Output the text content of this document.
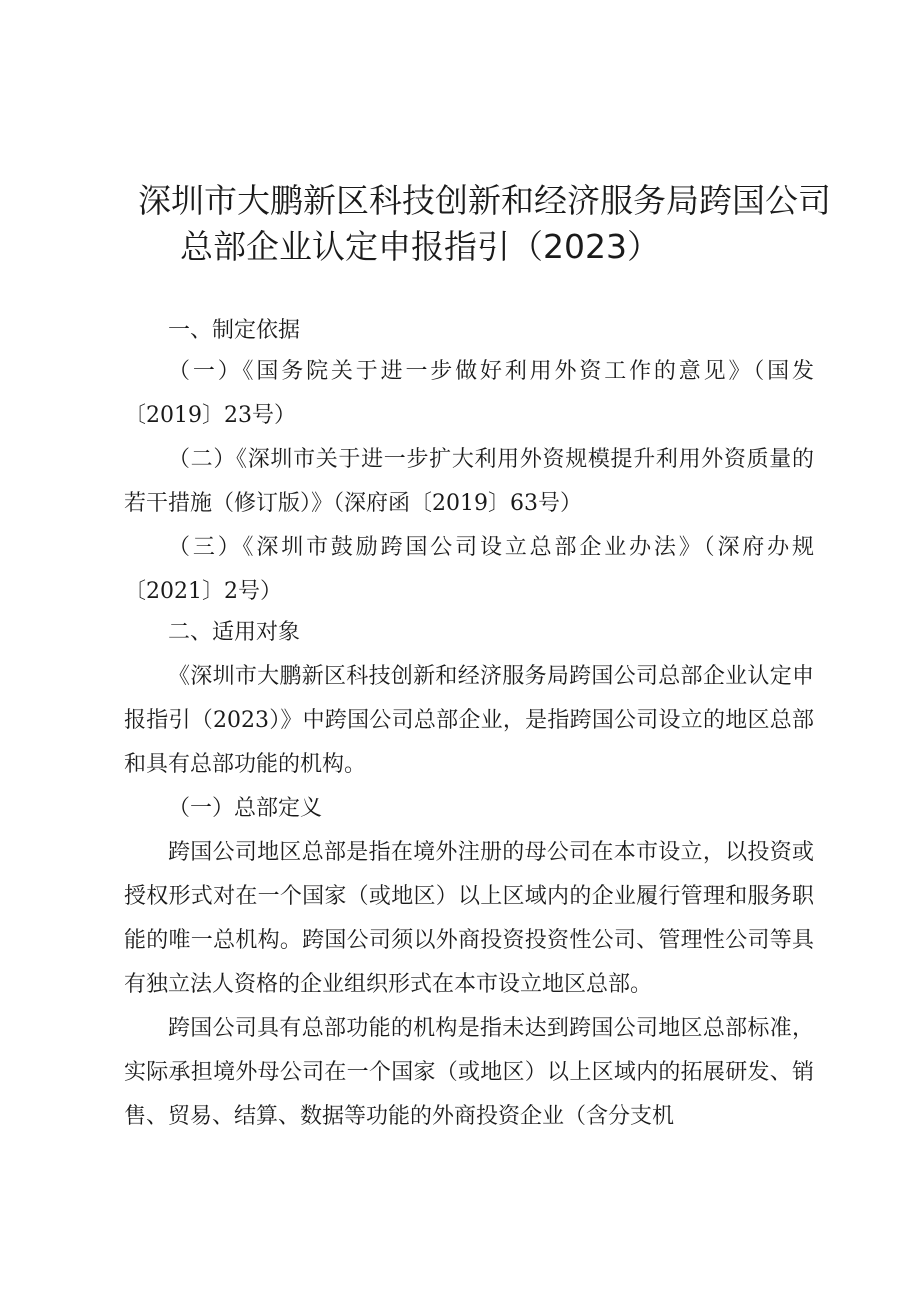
深圳市大鹏新区科技创新和经济服务局跨国公司
总部企业认定申报指引（2023）
一、制定依据
（一）《国务院关于进一步做好利用外资工作的意见》（国发〔2019〕23号）
（二）《深圳市关于进一步扩大利用外资规模提升利用外资质量的若干措施（修订版）》（深府函〔2019〕63号）
（三）《深圳市鼓励跨国公司设立总部企业办法》（深府办规〔2021〕2号）
二、适用对象
《深圳市大鹏新区科技创新和经济服务局跨国公司总部企业认定申报指引（2023）》中跨国公司总部企业，是指跨国公司设立的地区总部和具有总部功能的机构。
（一）总部定义
跨国公司地区总部是指在境外注册的母公司在本市设立，以投资或授权形式对在一个国家（或地区）以上区域内的企业履行管理和服务职能的唯一总机构。跨国公司须以外商投资投资性公司、管理性公司等具有独立法人资格的企业组织形式在本市设立地区总部。
跨国公司具有总部功能的机构是指未达到跨国公司地区总部标准，实际承担境外母公司在一个国家（或地区）以上区域内的拓展研发、销售、贸易、结算、数据等功能的外商投资企业（含分支机
